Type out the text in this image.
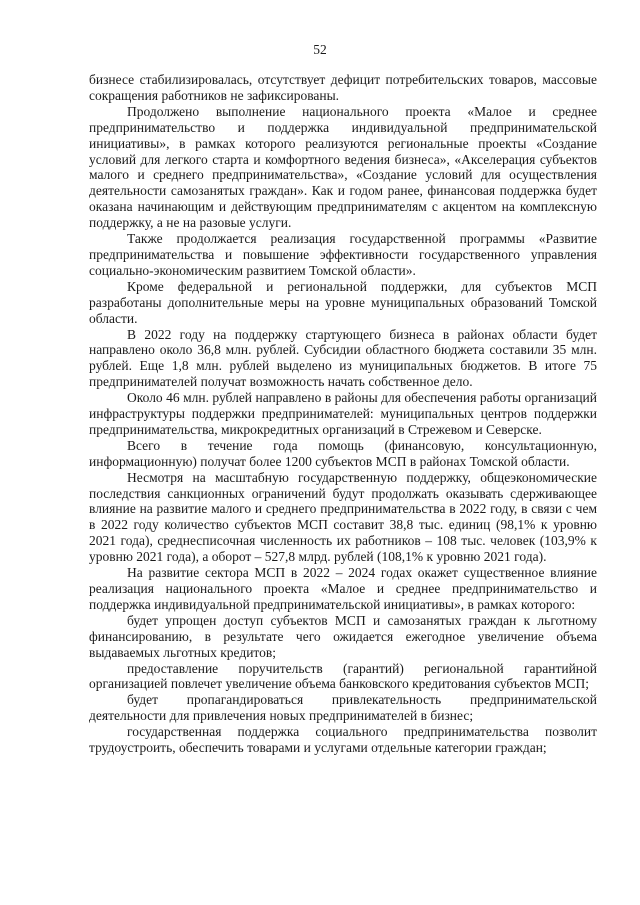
52

бизнесе стабилизировалась, отсутствует дефицит потребительских товаров, массовые сокращения работников не зафиксированы.

Продолжено выполнение национального проекта «Малое и среднее предпринимательство и поддержка индивидуальной предпринимательской инициативы», в рамках которого реализуются региональные проекты «Создание условий для легкого старта и комфортного ведения бизнеса», «Акселерация субъектов малого и среднего предпринимательства», «Создание условий для осуществления деятельности самозанятых граждан». Как и годом ранее, финансовая поддержка будет оказана начинающим и действующим предпринимателям с акцентом на комплексную поддержку, а не на разовые услуги.

Также продолжается реализация государственной программы «Развитие предпринимательства и повышение эффективности государственного управления социально-экономическим развитием Томской области».

Кроме федеральной и региональной поддержки, для субъектов МСП разработаны дополнительные меры на уровне муниципальных образований Томской области.

В 2022 году на поддержку стартующего бизнеса в районах области будет направлено около 36,8 млн. рублей. Субсидии областного бюджета составили 35 млн. рублей. Еще 1,8 млн. рублей выделено из муниципальных бюджетов. В итоге 75 предпринимателей получат возможность начать собственное дело.

Около 46 млн. рублей направлено в районы для обеспечения работы организаций инфраструктуры поддержки предпринимателей: муниципальных центров поддержки предпринимательства, микрокредитных организаций в Стрежевом и Северске.

Всего в течение года помощь (финансовую, консультационную, информационную) получат более 1200 субъектов МСП в районах Томской области.

Несмотря на масштабную государственную поддержку, общеэкономические последствия санкционных ограничений будут продолжать оказывать сдерживающее влияние на развитие малого и среднего предпринимательства в 2022 году, в связи с чем в 2022 году количество субъектов МСП составит 38,8 тыс. единиц (98,1% к уровню 2021 года), среднесписочная численность их работников – 108 тыс. человек (103,9% к уровню 2021 года), а оборот – 527,8 млрд. рублей (108,1% к уровню 2021 года).

На развитие сектора МСП в 2022 – 2024 годах окажет существенное влияние реализация национального проекта «Малое и среднее предпринимательство и поддержка индивидуальной предпринимательской инициативы», в рамках которого:

будет упрощен доступ субъектов МСП и самозанятых граждан к льготному финансированию, в результате чего ожидается ежегодное увеличение объема выдаваемых льготных кредитов;

предоставление поручительств (гарантий) региональной гарантийной организацией повлечет увеличение объема банковского кредитования субъектов МСП;

будет пропагандироваться привлекательность предпринимательской деятельности для привлечения новых предпринимателей в бизнес;

государственная поддержка социального предпринимательства позволит трудоустроить, обеспечить товарами и услугами отдельные категории граждан;
